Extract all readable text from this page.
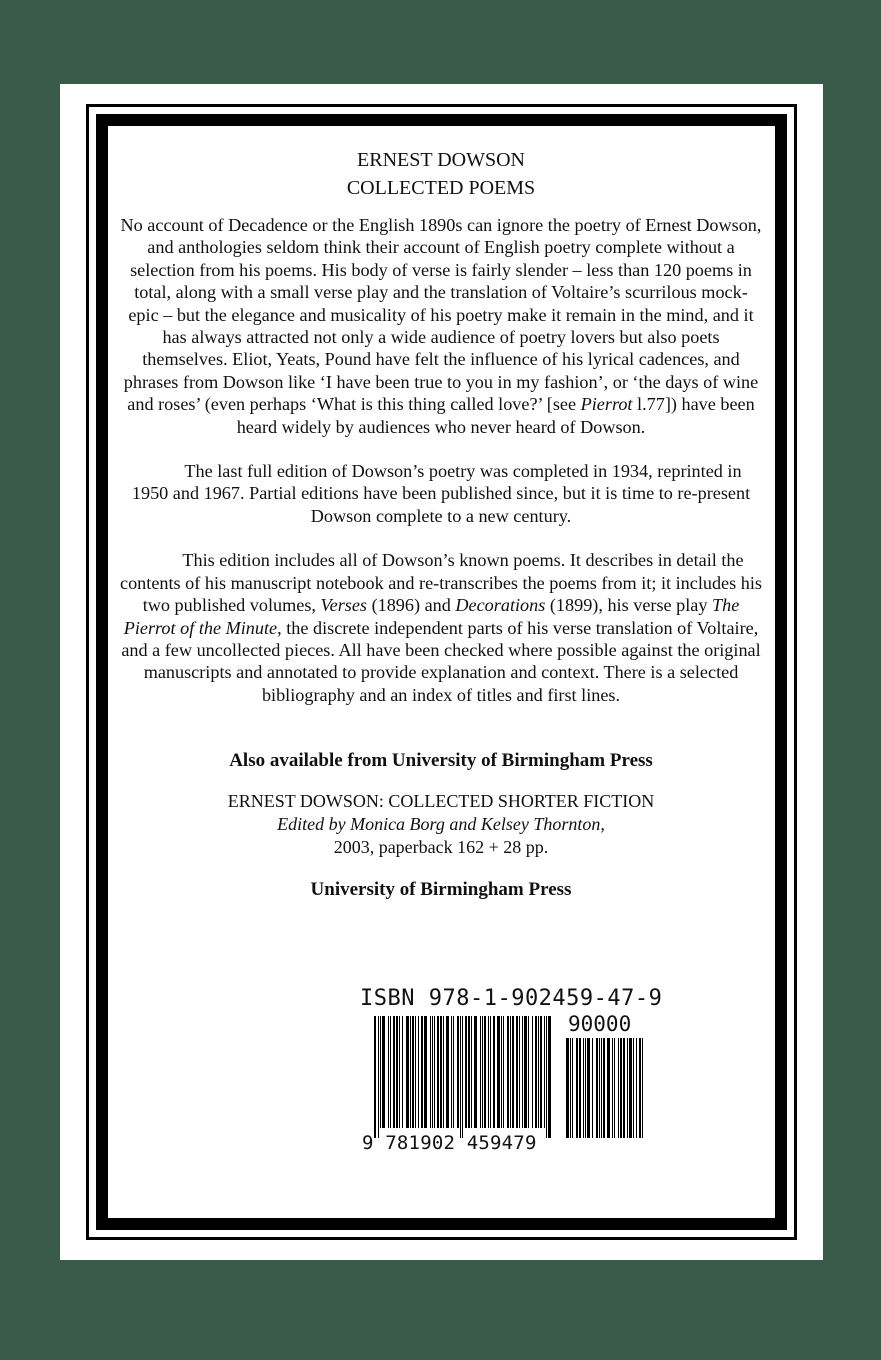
ERNEST DOWSON
COLLECTED POEMS

No account of Decadence or the English 1890s can ignore the poetry of Ernest Dowson, and anthologies seldom think their account of English poetry complete without a selection from his poems. His body of verse is fairly slender – less than 120 poems in total, along with a small verse play and the translation of Voltaire’s scurrilous mock-epic – but the elegance and musicality of his poetry make it remain in the mind, and it has always attracted not only a wide audience of poetry lovers but also poets themselves. Eliot, Yeats, Pound have felt the influence of his lyrical cadences, and phrases from Dowson like ‘I have been true to you in my fashion’, or ‘the days of wine and roses’ (even perhaps ‘What is this thing called love?’ [see Pierrot l.77]) have been heard widely by audiences who never heard of Dowson.

The last full edition of Dowson’s poetry was completed in 1934, reprinted in 1950 and 1967. Partial editions have been published since, but it is time to re-present Dowson complete to a new century.

This edition includes all of Dowson’s known poems. It describes in detail the contents of his manuscript notebook and re-transcribes the poems from it; it includes his two published volumes, Verses (1896) and Decorations (1899), his verse play The Pierrot of the Minute, the discrete independent parts of his verse translation of Voltaire, and a few uncollected pieces. All have been checked where possible against the original manuscripts and annotated to provide explanation and context. There is a selected bibliography and an index of titles and first lines.

Also available from University of Birmingham Press
ERNEST DOWSON: COLLECTED SHORTER FICTION
Edited by Monica Borg and Kelsey Thornton,
2003, paperback 162 + 28 pp.
University of Birmingham Press
ISBN 978-1-902459-47-9
90000
9 781902 459479
